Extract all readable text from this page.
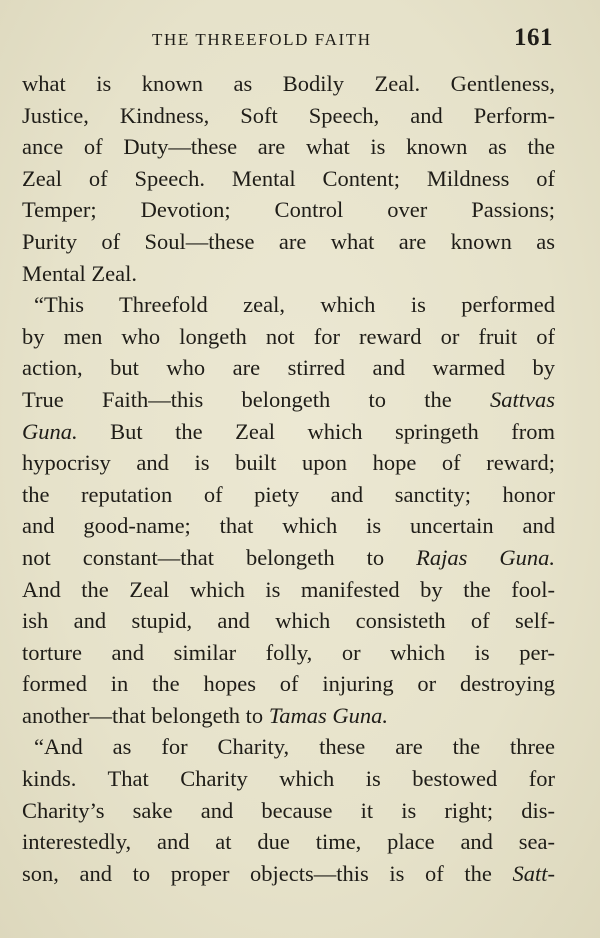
THE THREEFOLD FAITH	161
what is known as Bodily Zeal. Gentleness,
Justice, Kindness, Soft Speech, and Perform-
ance of Duty—these are what is known as the
Zeal of Speech. Mental Content; Mildness of
Temper; Devotion; Control over Passions;
Purity of Soul—these are what are known as
Mental Zeal.
“This Threefold zeal, which is performed
by men who longeth not for reward or fruit of
action, but who are stirred and warmed by
True Faith—this belongeth to the Sattvas
Guna. But the Zeal which springeth from
hypocrisy and is built upon hope of reward;
the reputation of piety and sanctity; honor
and good-name; that which is uncertain and
not constant—that belongeth to Rajas Guna.
And the Zeal which is manifested by the fool-
ish and stupid, and which consisteth of self-
torture and similar folly, or which is per-
formed in the hopes of injuring or destroying
another—that belongeth to Tamas Guna.
“And as for Charity, these are the three
kinds. That Charity which is bestowed for
Charity’s sake and because it is right; dis-
interestedly, and at due time, place and sea-
son, and to proper objects—this is of the Satt-
